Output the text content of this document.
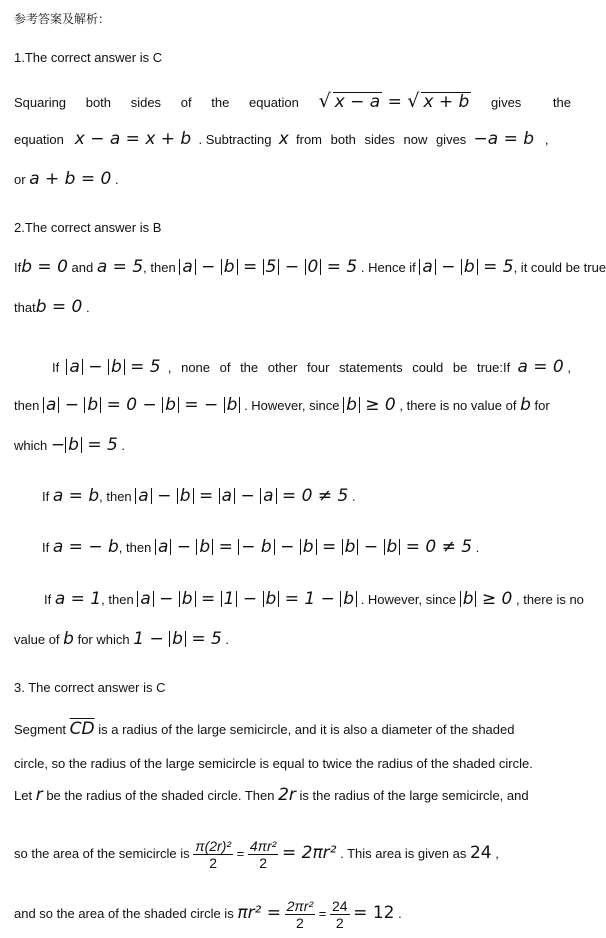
参考答案及解析：
1.The correct answer is C
Squaring both sides of the equation √ x − a = √ x + b gives the
equation x − a = x + b . Subtracting x from both sides now gives −a = b   ,
or a + b = 0 .
2.The correct answer is B
Ifb = 0 and a = 5, then a − b = 5 − 0 = 5 . Hence if a − b = 5, it could be true
thatb = 0 .
If a − b = 5 , none of the other four statements could be true:If a = 0 ,
then a − b = 0 − b = − b . However, since b ≥ 0 , there is no value of b for
which − b = 5 .
If a = b, then a − b = a − a = 0 ≠ 5 .
If a = − b, then a − b = − b − b = b − b = 0 ≠ 5 .
If a = 1, then a − b = 1 − b = 1 − b . However, since b ≥ 0 , there is no
value of b for which 1 − b = 5 .
3. The correct answer is C
Segment $\overline{CD}$ is a radius of the large semicircle, and it is also a diameter of the shaded
circle, so the radius of the large semicircle is equal to twice the radius of the shaded circle.
Let r be the radius of the shaded circle. Then 2r is the radius of the large semicircle, and
so the area of the semicircle is $\frac{\text{π(2r)²}}{2} = \frac{\text{4πr²}}{2} = 2\pi r^2$ . This area is given as 24 ,
and so the area of the shaded circle is $\pi r^2 = \frac{\text{2πr²}}{2} = \frac{24}{2} = 12$ .
